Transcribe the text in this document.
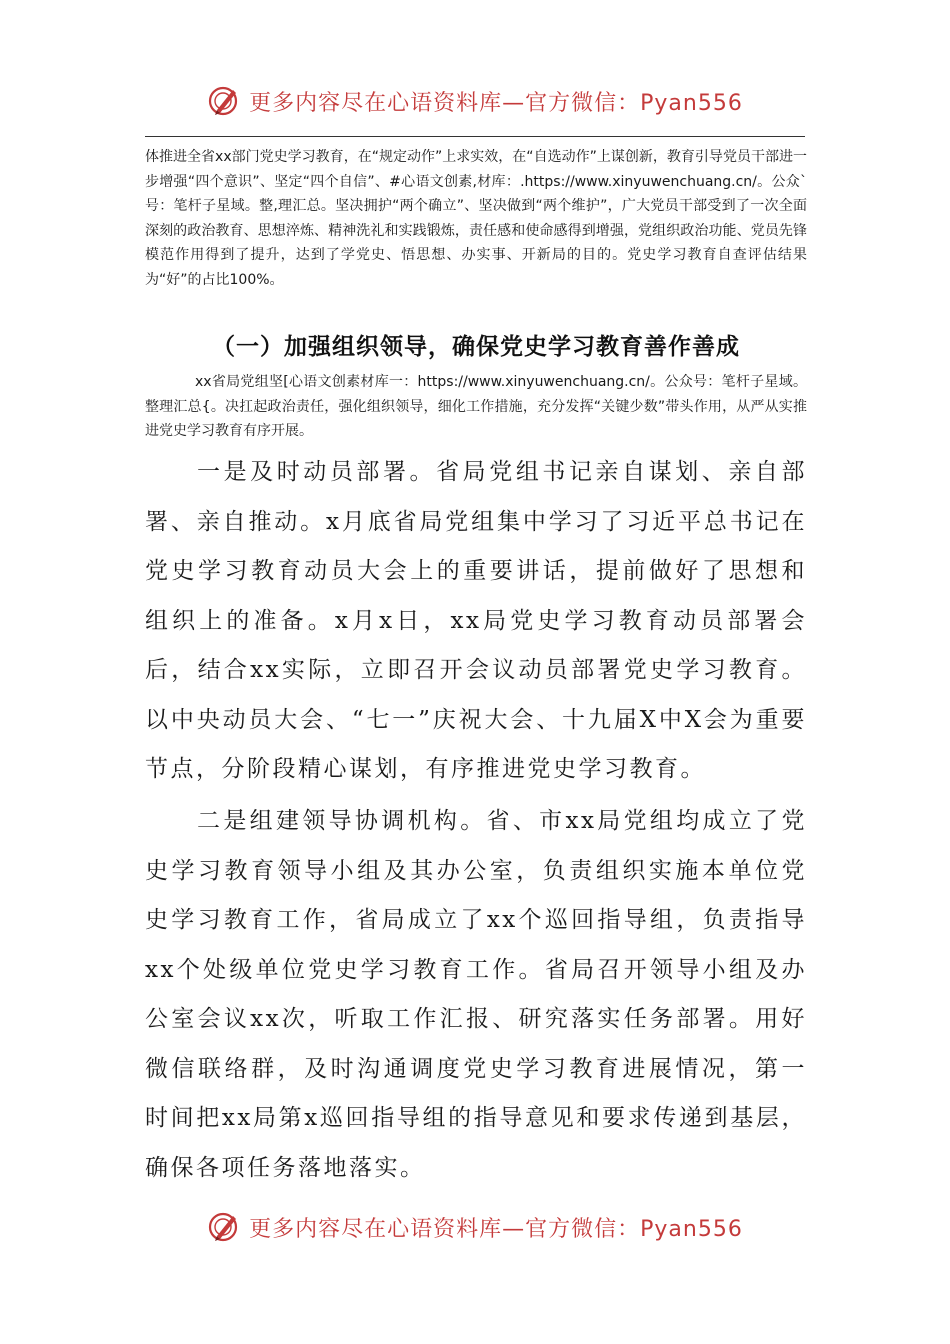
更多内容尽在心语资料库—官方微信：Pyan556

体推进全省xx部门党史学习教育，在“规定动作”上求实效，在“自选动作”上谋创新，教育引导党员干部进一步增强“四个意识”、坚定“四个自信”、#心语文创素,材库：.https://www.xinyuwenchuang.cn/。公众`号：笔杆子星域。整,理汇总。坚决拥护“两个确立”、坚决做到“两个维护”，广大党员干部受到了一次全面深刻的政治教育、思想淬炼、精神洗礼和实践锻炼，责任感和使命感得到增强，党组织政治功能、党员先锋模范作用得到了提升，达到了学党史、悟思想、办实事、开新局的目的。党史学习教育自查评估结果为“好”的占比100%。

（一）加强组织领导，确保党史学习教育善作善成

xx省局党组坚[心语文创素材库一：https://www.xinyuwenchuang.cn/。公众号：笔杆子星域。整理汇总{。决扛起政治责任，强化组织领导，细化工作措施，充分发挥“关键少数”带头作用，从严从实推进党史学习教育有序开展。

一是及时动员部署。省局党组书记亲自谋划、亲自部署、亲自推动。x月底省局党组集中学习了习近平总书记在党史学习教育动员大会上的重要讲话，提前做好了思想和组织上的准备。x月x日，xx局党史学习教育动员部署会后，结合xx实际，立即召开会议动员部署党史学习教育。以中央动员大会、“七一”庆祝大会、十九届X中X会为重要节点，分阶段精心谋划，有序推进党史学习教育。

二是组建领导协调机构。省、市xx局党组均成立了党史学习教育领导小组及其办公室，负责组织实施本单位党史学习教育工作，省局成立了xx个巡回指导组，负责指导xx个处级单位党史学习教育工作。省局召开领导小组及办公室会议xx次，听取工作汇报、研究落实任务部署。用好微信联络群，及时沟通调度党史学习教育进展情况，第一时间把xx局第x巡回指导组的指导意见和要求传递到基层，确保各项任务落地落实。

更多内容尽在心语资料库—官方微信：Pyan556
